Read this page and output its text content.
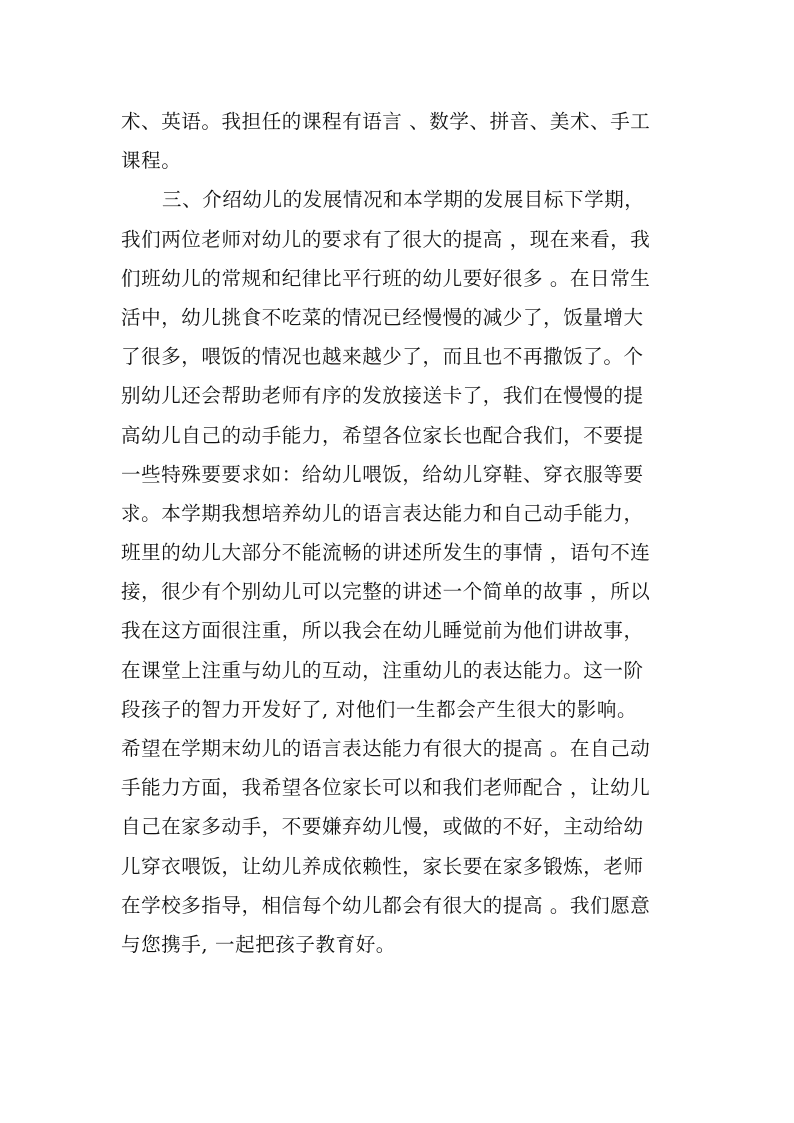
术、英语。我担任的课程有语言 、数学、拼音、美术、手工
课程。
三、介绍幼儿的发展情况和本学期的发展目标下学期，
我们两位老师对幼儿的要求有了很大的提高 ，现在来看，我
们班幼儿的常规和纪律比平行班的幼儿要好很多 。在日常生
活中，幼儿挑食不吃菜的情况已经慢慢的减少了，饭量增大
了很多，喂饭的情况也越来越少了，而且也不再撒饭了。个
别幼儿还会帮助老师有序的发放接送卡了，我们在慢慢的提
高幼儿自己的动手能力，希望各位家长也配合我们，不要提
一些特殊要要求如：给幼儿喂饭，给幼儿穿鞋、穿衣服等要
求。本学期我想培养幼儿的语言表达能力和自己动手能力，
班里的幼儿大部分不能流畅的讲述所发生的事情 ，语句不连
接，很少有个别幼儿可以完整的讲述一个简单的故事 ，所以
我在这方面很注重，所以我会在幼儿睡觉前为他们讲故事，
在课堂上注重与幼儿的互动，注重幼儿的表达能力。这一阶
段孩子的智力开发好了, 对他们一生都会产生很大的影响。
希望在学期末幼儿的语言表达能力有很大的提高 。在自己动
手能力方面，我希望各位家长可以和我们老师配合 ，让幼儿
自己在家多动手，不要嫌弃幼儿慢，或做的不好，主动给幼
儿穿衣喂饭，让幼儿养成依赖性，家长要在家多锻炼，老师
在学校多指导，相信每个幼儿都会有很大的提高 。我们愿意
与您携手, 一起把孩子教育好。
